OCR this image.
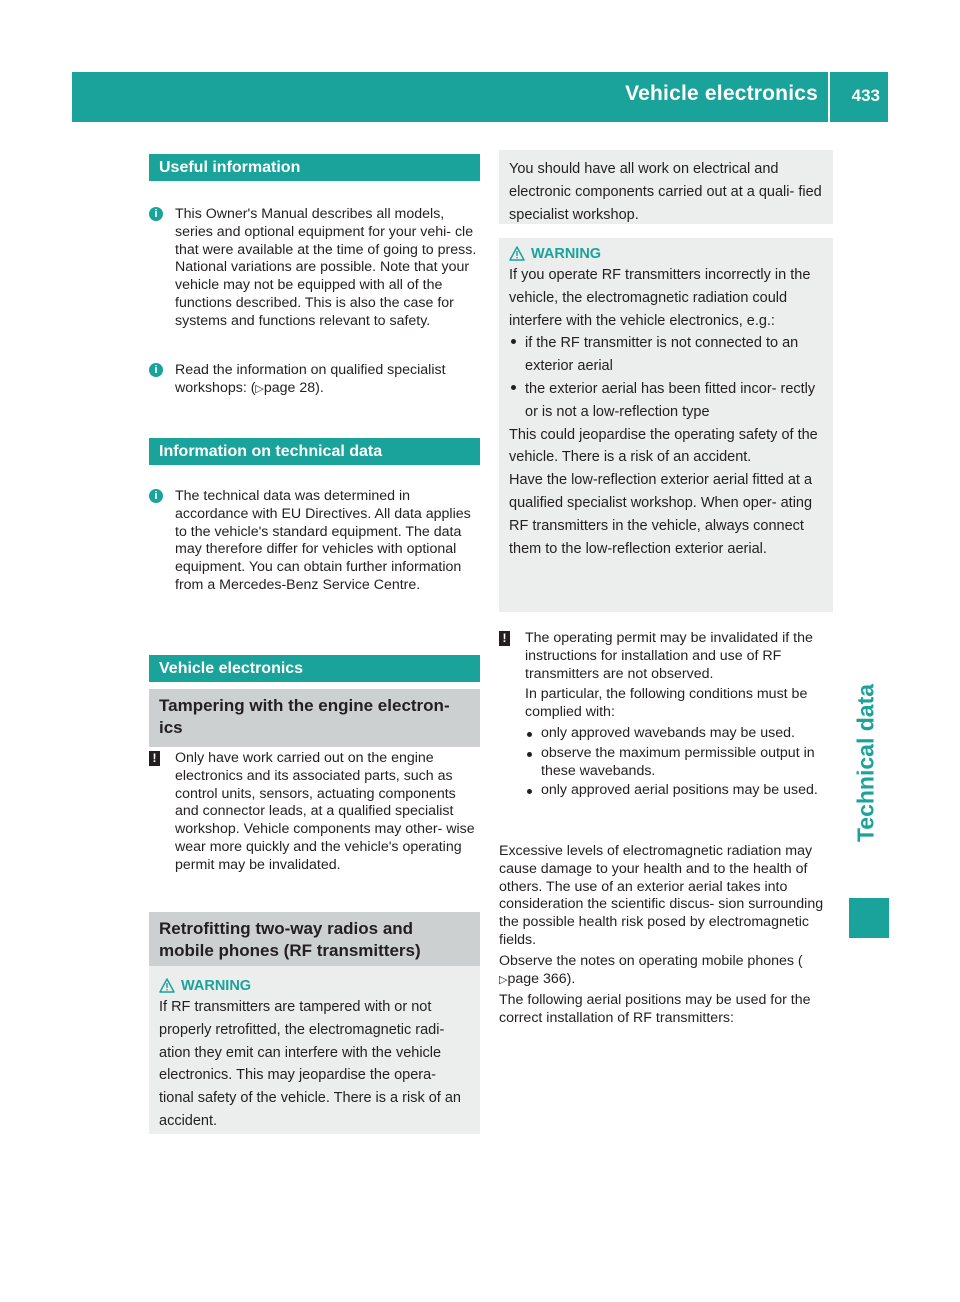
Vehicle electronics 433
Technical data
Useful information
i	This Owner's Manual describes all models, series and optional equipment for your vehi- cle that were available at the time of going to press. National variations are possible. Note that your vehicle may not be equipped with all of the functions described. This is also the case for systems and functions relevant to safety.

i	Read the information on qualified specialist workshops: (▷page 28).

Information on technical data
i	The technical data was determined in accordance with EU Directives. All data applies to the vehicle's standard equipment. The data may therefore differ for vehicles with optional equipment. You can obtain further information from a Mercedes-Benz Service Centre.

Vehicle electronics
Tampering with the engine electron- ics
! Only have work carried out on the engine electronics and its associated parts, such as control units, sensors, actuating components and connector leads, at a qualified specialist workshop. Vehicle components may other- wise wear more quickly and the vehicle's operating permit may be invalidated.

Retrofitting two-way radios and mobile phones (RF transmitters)
WARNING

If RF transmitters are tampered with or not properly retrofitted, the electromagnetic radi- ation they emit can interfere with the vehicle electronics. This may jeopardise the opera- tional safety of the vehicle. There is a risk of an accident.

You should have all work on electrical and electronic components carried out at a quali- fied specialist workshop.

WARNING

If you operate RF transmitters incorrectly in the vehicle, the electromagnetic radiation could interfere with the vehicle electronics, e.g.:

if the RF transmitter is not connected to an exterior aerial
the exterior aerial has been fitted incor- rectly or is not a low-reflection type

This could jeopardise the operating safety of the vehicle. There is a risk of an accident.

Have the low-reflection exterior aerial fitted at a qualified specialist workshop. When oper- ating RF transmitters in the vehicle, always connect them to the low-reflection exterior aerial.

! The operating permit may be invalidated if the instructions for installation and use of RF transmitters are not observed.

In particular, the following conditions must be complied with:

only approved wavebands may be used.
observe the maximum permissible output in these wavebands.
only approved aerial positions may be used.

Excessive levels of electromagnetic radiation may cause damage to your health and to the health of others. The use of an exterior aerial takes into consideration the scientific discus- sion surrounding the possible health risk posed by electromagnetic fields.

Observe the notes on operating mobile phones (
▷page 366).

The following aerial positions may be used for the correct installation of RF transmitters:
